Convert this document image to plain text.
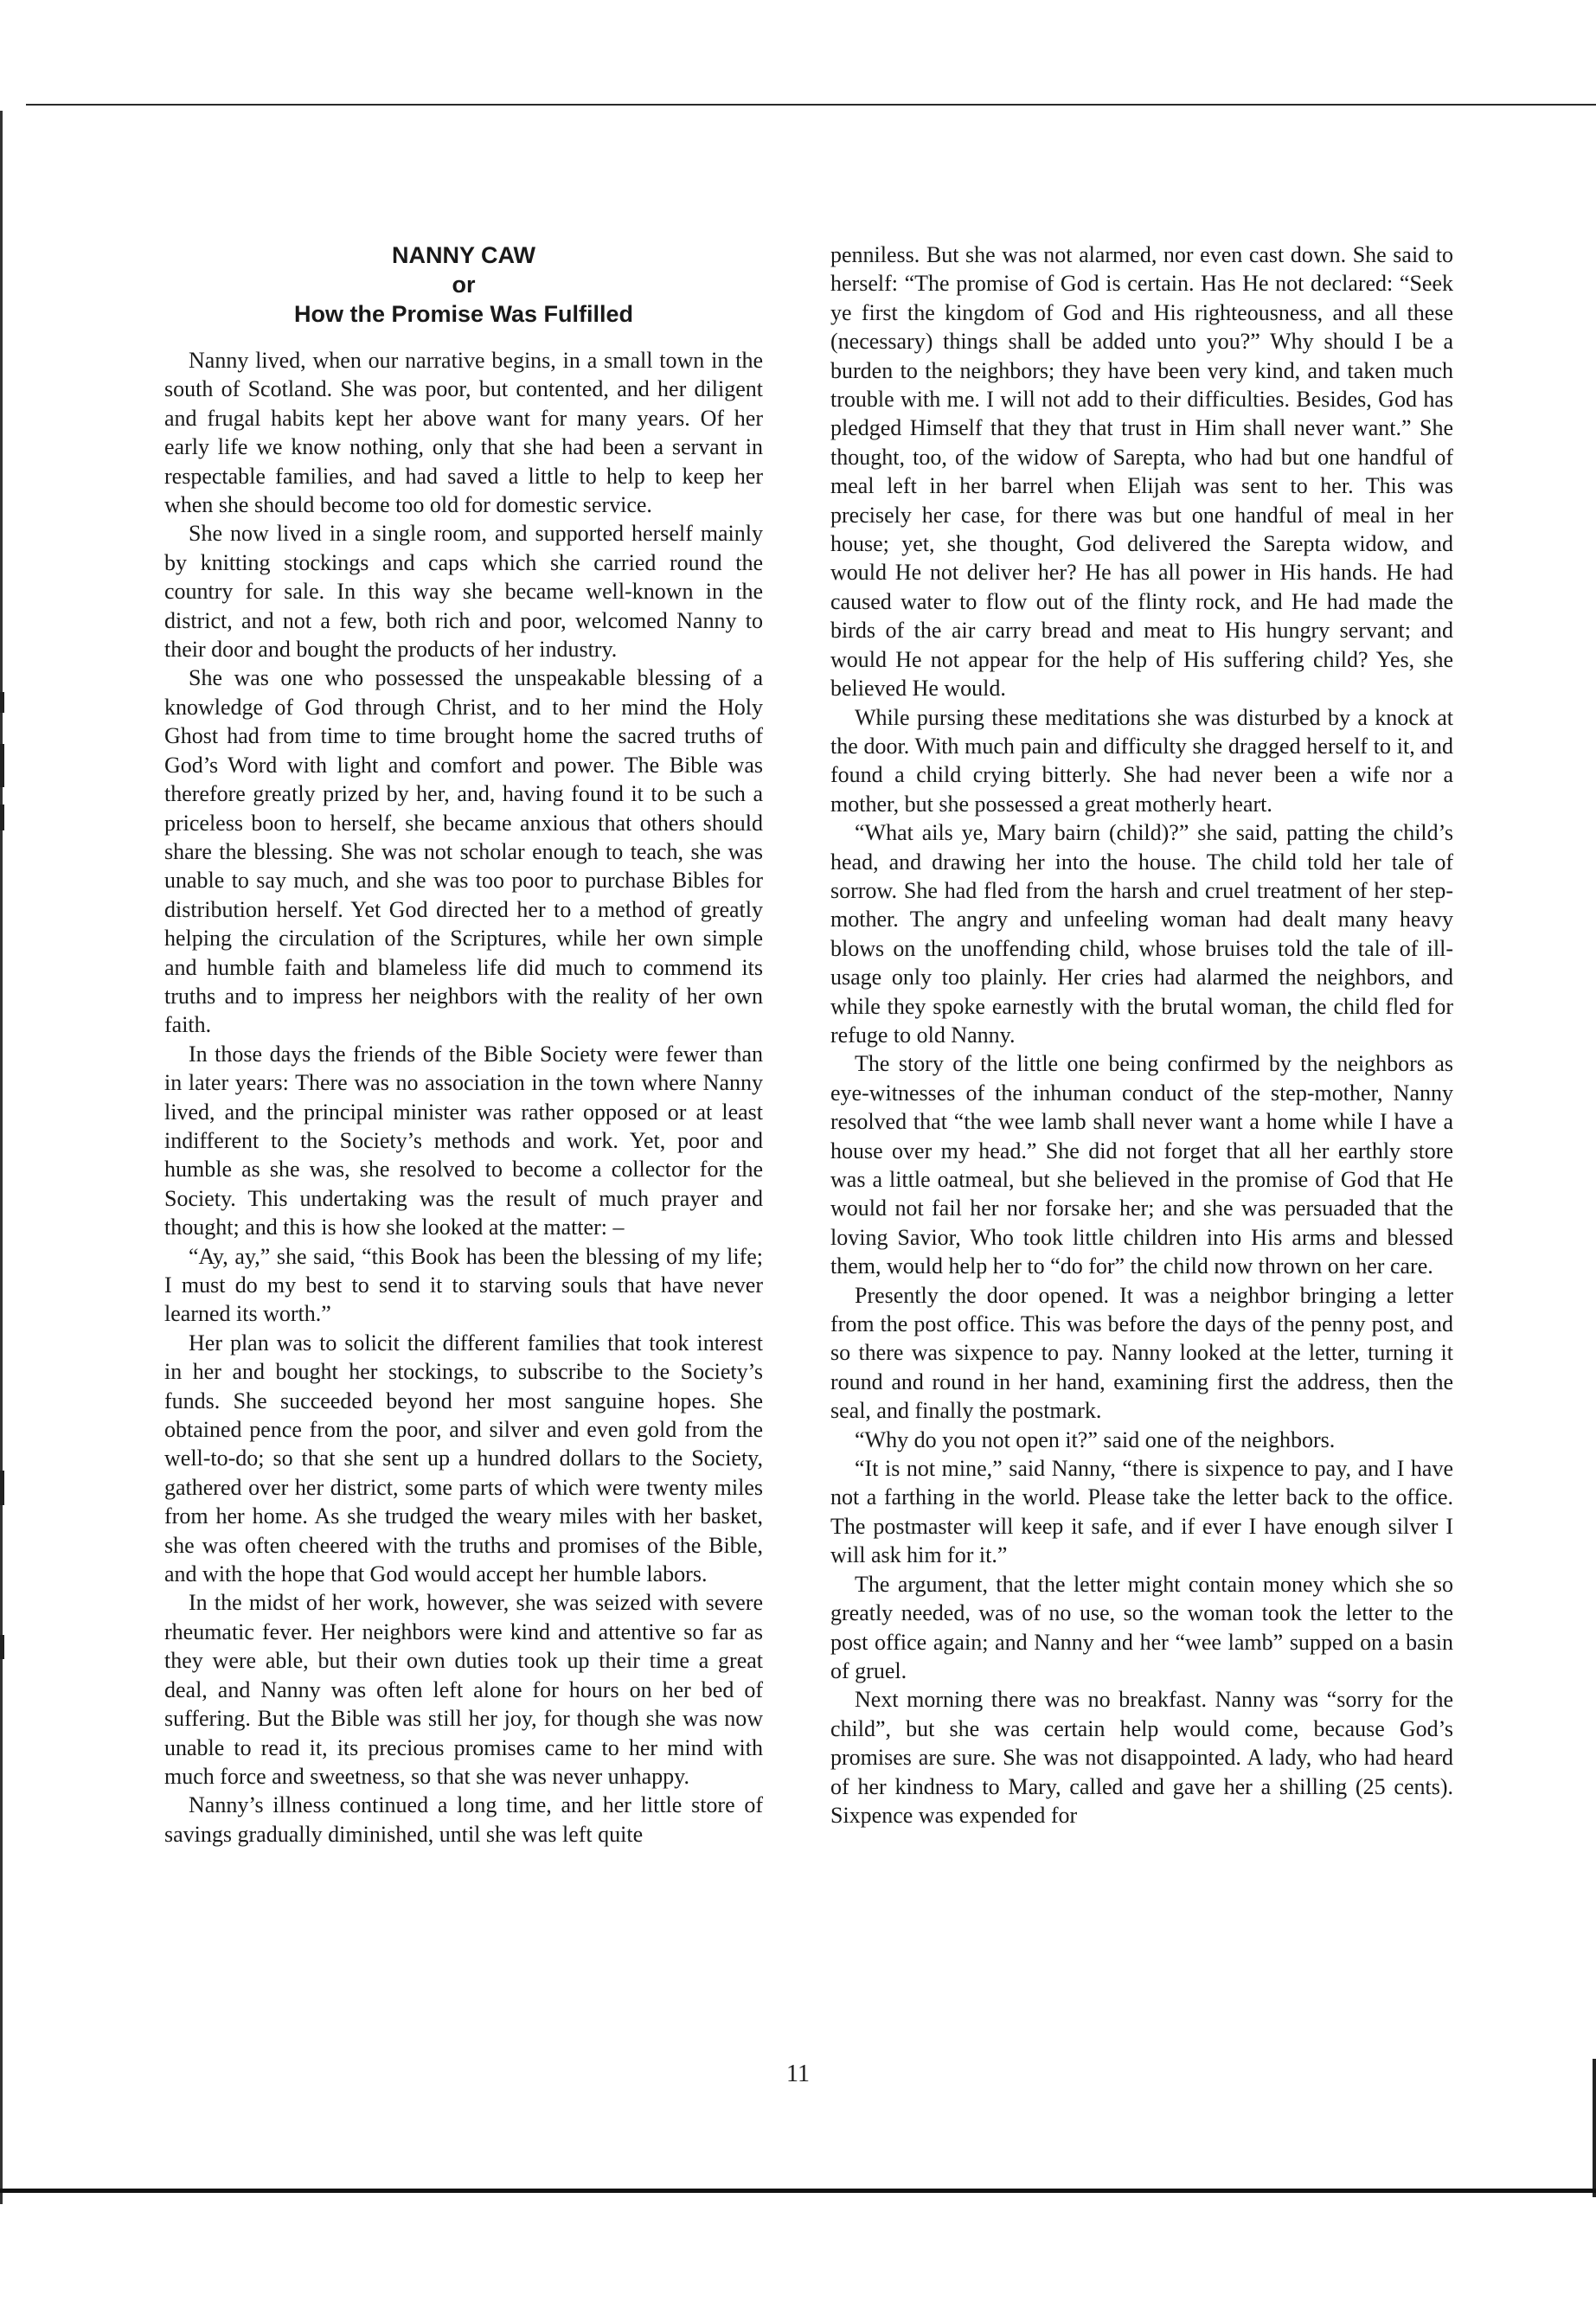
NANNY CAW
or
How the Promise Was Fulfilled

Nanny lived, when our narrative begins, in a small town in the south of Scotland. She was poor, but contented, and her diligent and frugal habits kept her above want for many years. Of her early life we know nothing, only that she had been a servant in respectable families, and had saved a little to help to keep her when she should become too old for domestic service.

She now lived in a single room, and supported herself mainly by knitting stockings and caps which she carried round the country for sale. In this way she became well-known in the district, and not a few, both rich and poor, welcomed Nanny to their door and bought the products of her industry.

She was one who possessed the unspeakable blessing of a knowledge of God through Christ, and to her mind the Holy Ghost had from time to time brought home the sacred truths of God’s Word with light and comfort and power. The Bible was therefore greatly prized by her, and, having found it to be such a priceless boon to herself, she became anxious that others should share the blessing. She was not scholar enough to teach, she was unable to say much, and she was too poor to purchase Bibles for distribution herself. Yet God directed her to a method of greatly helping the circulation of the Scriptures, while her own simple and humble faith and blameless life did much to commend its truths and to impress her neighbors with the reality of her own faith.

In those days the friends of the Bible Society were fewer than in later years: There was no association in the town where Nanny lived, and the principal minister was rather opposed or at least indifferent to the Society’s methods and work. Yet, poor and humble as she was, she resolved to become a collector for the Society. This undertaking was the result of much prayer and thought; and this is how she looked at the matter: –

“Ay, ay,” she said, “this Book has been the blessing of my life; I must do my best to send it to starving souls that have never learned its worth.”

Her plan was to solicit the different families that took interest in her and bought her stockings, to subscribe to the Society’s funds. She succeeded beyond her most sanguine hopes. She obtained pence from the poor, and silver and even gold from the well-to-do; so that she sent up a hundred dollars to the Society, gathered over her district, some parts of which were twenty miles from her home. As she trudged the weary miles with her basket, she was often cheered with the truths and promises of the Bible, and with the hope that God would accept her humble labors.

In the midst of her work, however, she was seized with severe rheumatic fever. Her neighbors were kind and attentive so far as they were able, but their own duties took up their time a great deal, and Nanny was often left alone for hours on her bed of suffering. But the Bible was still her joy, for though she was now unable to read it, its precious promises came to her mind with much force and sweetness, so that she was never unhappy.

Nanny’s illness continued a long time, and her little store of savings gradually diminished, until she was left quite

penniless. But she was not alarmed, nor even cast down. She said to herself: “The promise of God is certain. Has He not declared: “Seek ye first the kingdom of God and His righteousness, and all these (necessary) things shall be added unto you?” Why should I be a burden to the neighbors; they have been very kind, and taken much trouble with me. I will not add to their difficulties. Besides, God has pledged Himself that they that trust in Him shall never want.” She thought, too, of the widow of Sarepta, who had but one handful of meal left in her barrel when Elijah was sent to her. This was precisely her case, for there was but one handful of meal in her house; yet, she thought, God delivered the Sarepta widow, and would He not deliver her? He has all power in His hands. He had caused water to flow out of the flinty rock, and He had made the birds of the air carry bread and meat to His hungry servant; and would He not appear for the help of His suffering child? Yes, she believed He would.

While pursing these meditations she was disturbed by a knock at the door. With much pain and difficulty she dragged herself to it, and found a child crying bitterly. She had never been a wife nor a mother, but she possessed a great motherly heart.

“What ails ye, Mary bairn (child)?” she said, patting the child’s head, and drawing her into the house. The child told her tale of sorrow. She had fled from the harsh and cruel treatment of her step-mother. The angry and unfeeling woman had dealt many heavy blows on the unoffending child, whose bruises told the tale of ill-usage only too plainly. Her cries had alarmed the neighbors, and while they spoke earnestly with the brutal woman, the child fled for refuge to old Nanny.

The story of the little one being confirmed by the neighbors as eye-witnesses of the inhuman conduct of the step-mother, Nanny resolved that “the wee lamb shall never want a home while I have a house over my head.” She did not forget that all her earthly store was a little oatmeal, but she believed in the promise of God that He would not fail her nor forsake her; and she was persuaded that the loving Savior, Who took little children into His arms and blessed them, would help her to “do for” the child now thrown on her care.

Presently the door opened. It was a neighbor bringing a letter from the post office. This was before the days of the penny post, and so there was sixpence to pay. Nanny looked at the letter, turning it round and round in her hand, examining first the address, then the seal, and finally the postmark.

“Why do you not open it?” said one of the neighbors.

“It is not mine,” said Nanny, “there is sixpence to pay, and I have not a farthing in the world. Please take the letter back to the office. The postmaster will keep it safe, and if ever I have enough silver I will ask him for it.”

The argument, that the letter might contain money which she so greatly needed, was of no use, so the woman took the letter to the post office again; and Nanny and her “wee lamb” supped on a basin of gruel.

Next morning there was no breakfast. Nanny was “sorry for the child”, but she was certain help would come, because God’s promises are sure. She was not disappointed. A lady, who had heard of her kindness to Mary, called and gave her a shilling (25 cents). Sixpence was expended for

11
